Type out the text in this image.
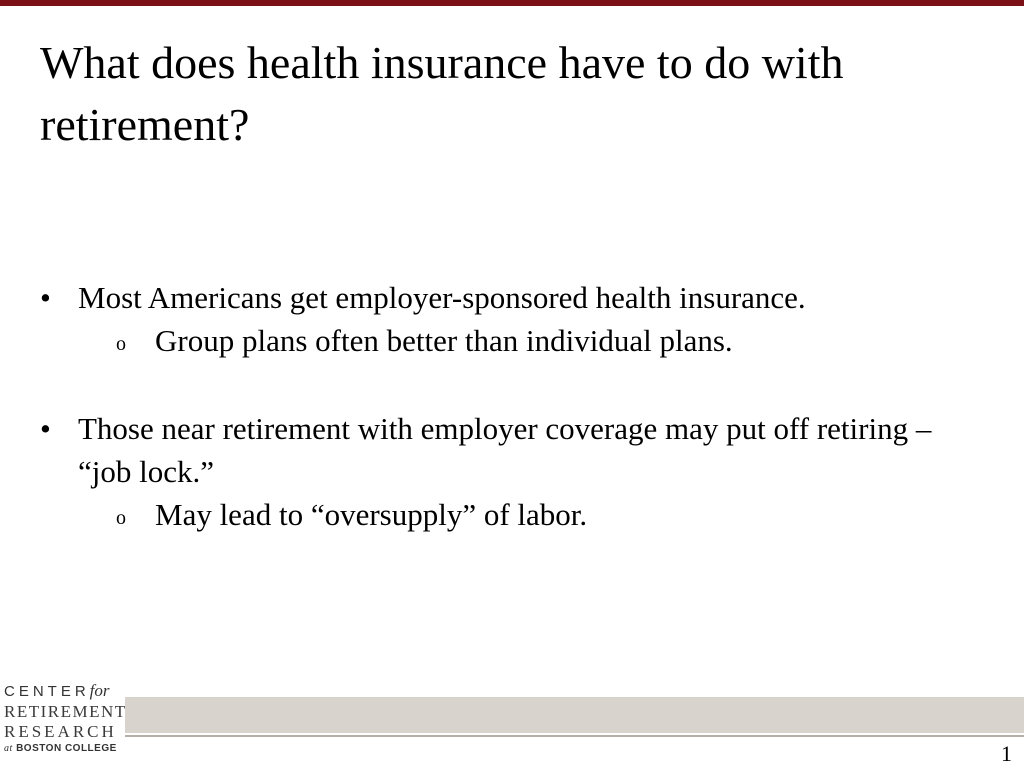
What does health insurance have to do with retirement?
• Most Americans get employer-sponsored health insurance.
o Group plans often better than individual plans.
• Those near retirement with employer coverage may put off retiring – “job lock.”
o May lead to “oversupply” of labor.
CENTERfor
RETIREMENT
RESEARCH
at BOSTON COLLEGE	1
